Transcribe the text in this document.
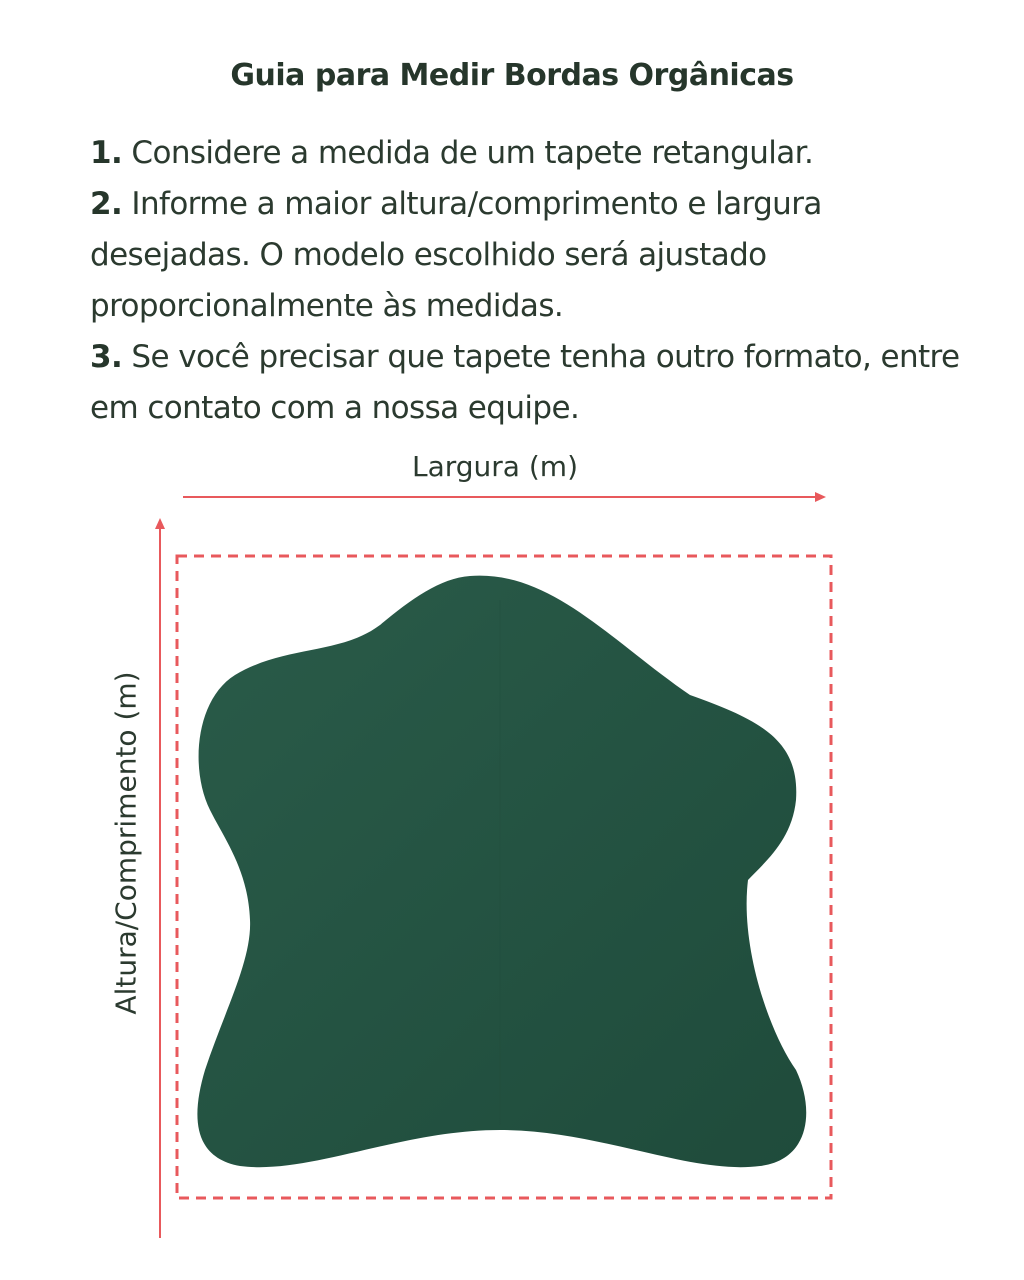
Guia para Medir Bordas Orgânicas
1. Considere a medida de um tapete retangular.
2. Informe a maior altura/comprimento e largura desejadas. O modelo escolhido será ajustado proporcionalmente às medidas.
3. Se você precisar que tapete tenha outro formato, entre em contato com a nossa equipe.
Largura (m)
Altura/Comprimento (m)
